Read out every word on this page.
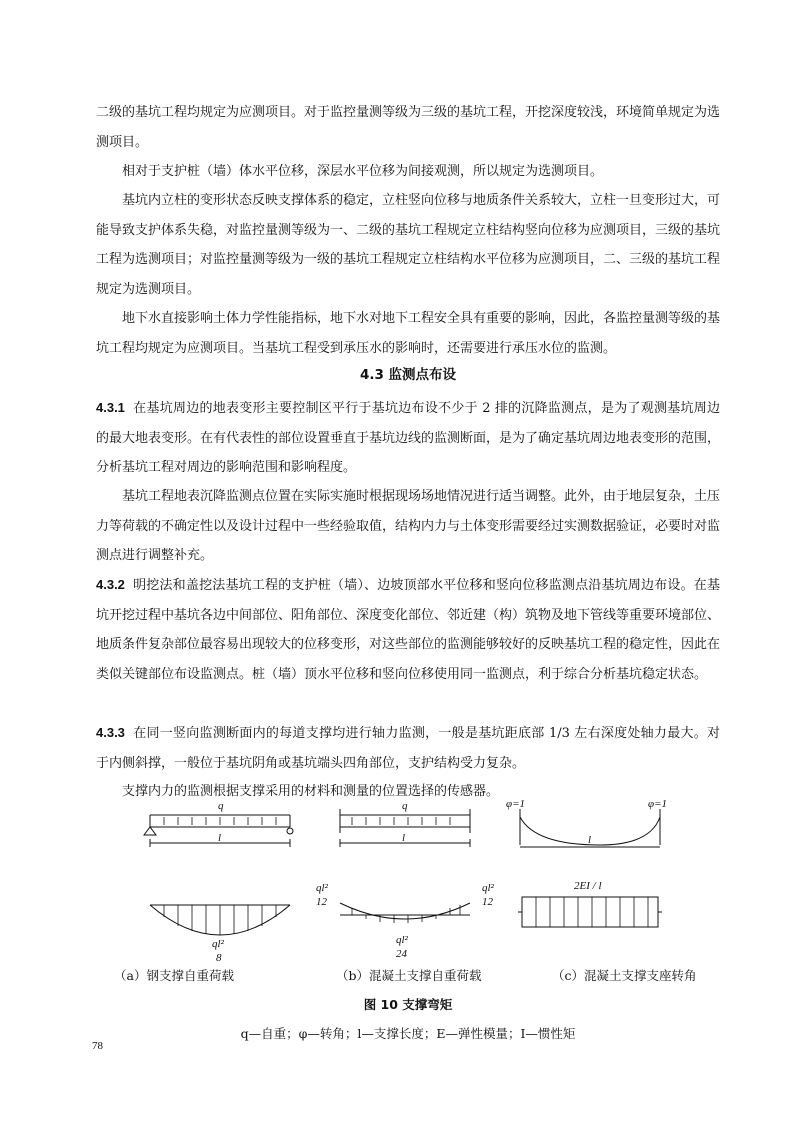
二级的基坑工程均规定为应测项目。对于监控量测等级为三级的基坑工程，开挖深度较浅，环境简单规定为选测项目。

相对于支护桩（墙）体水平位移，深层水平位移为间接观测，所以规定为选测项目。

基坑内立柱的变形状态反映支撑体系的稳定，立柱竖向位移与地质条件关系较大，立柱一旦变形过大，可能导致支护体系失稳，对监控量测等级为一、二级的基坑工程规定立柱结构竖向位移为应测项目，三级的基坑工程为选测项目；对监控量测等级为一级的基坑工程规定立柱结构水平位移为应测项目，二、三级的基坑工程规定为选测项目。

地下水直接影响土体力学性能指标，地下水对地下工程安全具有重要的影响，因此，各监控量测等级的基坑工程均规定为应测项目。当基坑工程受到承压水的影响时，还需要进行承压水位的监测。

4.3 监测点布设

4.3.1 在基坑周边的地表变形主要控制区平行于基坑边布设不少于 2 排的沉降监测点，是为了观测基坑周边的最大地表变形。在有代表性的部位设置垂直于基坑边线的监测断面，是为了确定基坑周边地表变形的范围，分析基坑工程对周边的影响范围和影响程度。

基坑工程地表沉降监测点位置在实际实施时根据现场场地情况进行适当调整。此外，由于地层复杂，土压力等荷载的不确定性以及设计过程中一些经验取值，结构内力与土体变形需要经过实测数据验证，必要时对监测点进行调整补充。

4.3.2 明挖法和盖挖法基坑工程的支护桩（墙）、边坡顶部水平位移和竖向位移监测点沿基坑周边布设。在基坑开挖过程中基坑各边中间部位、阳角部位、深度变化部位、邻近建（构）筑物及地下管线等重要环境部位、地质条件复杂部位最容易出现较大的位移变形，对这些部位的监测能够较好的反映基坑工程的稳定性，因此在类似关键部位布设监测点。桩（墙）顶水平位移和竖向位移使用同一监测点，利于综合分析基坑稳定状态。

4.3.3 在同一竖向监测断面内的每道支撑均进行轴力监测，一般是基坑距底部 1/3 左右深度处轴力最大。对于内侧斜撑，一般位于基坑阴角或基坑端头四角部位，支护结构受力复杂。

支撑内力的监测根据支撑采用的材料和测量的位置选择的传感器。

q
l
q
l
φ=1	φ=1
l
ql²
8
ql²
12
ql²
12
ql²
24
2EI / l
（a）钢支撑自重荷载	（b）混凝土支撑自重荷载	（c）混凝土支撑支座转角
图 10 支撑弯矩
q—自重；φ—转角；l—支撑长度；E—弹性模量；I—惯性矩
78
